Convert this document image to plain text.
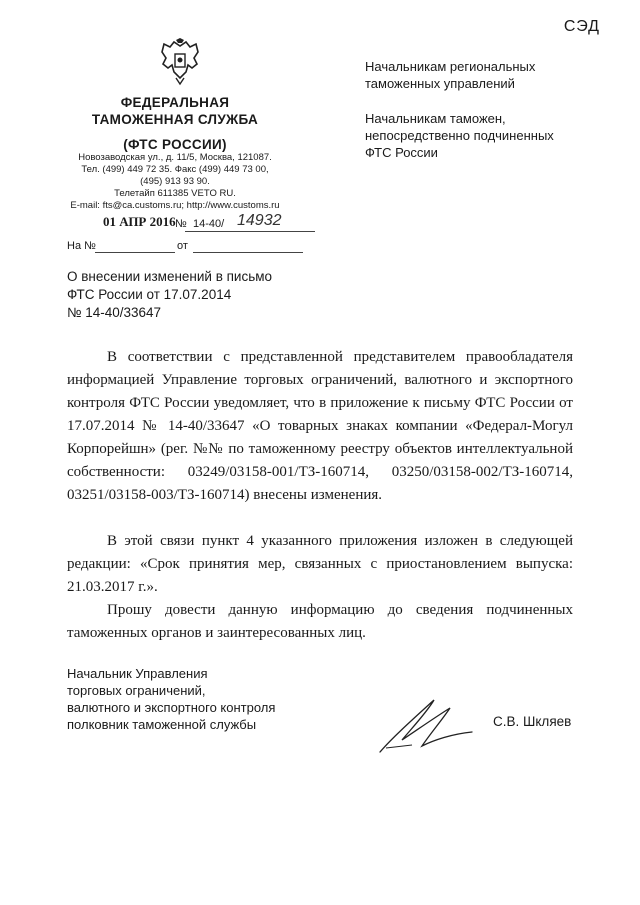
СЭД
ФЕДЕРАЛЬНАЯ
ТАМОЖЕННАЯ СЛУЖБА
(ФТС РОССИИ)
Новозаводская ул., д. 11/5, Москва, 121087.
Тел. (499) 449 72 35. Факс (499) 449 73 00,
(495) 913 93 90.
Телетайп 611385 VETO RU.
E-mail: fts@ca.customs.ru; http://www.customs.ru
01 АПР 2016 № 14-40/ 14932
На №	от
Начальникам региональных
таможенных управлений
Начальникам таможен,
непосредственно подчиненных
ФТС России
О внесении изменений в письмо
ФТС России от 17.07.2014
№ 14-40/33647

В соответствии с представленной представителем правообладателя информацией Управление торговых ограничений, валютного и экспортного контроля ФТС России уведомляет, что в приложение к письму ФТС России от 17.07.2014 № 14-40/33647 «О товарных знаках компании «Федерал-Могул Корпорейшн» (рег. №№ по таможенному реестру объектов интеллектуальной собственности: 03249/03158-001/ТЗ-160714, 03250/03158-002/ТЗ-160714, 03251/03158-003/ТЗ-160714) внесены изменения.

В этой связи пункт 4 указанного приложения изложен в следующей редакции: «Срок принятия мер, связанных с приостановлением выпуска: 21.03.2017 г.».

Прошу довести данную информацию до сведения подчиненных таможенных органов и заинтересованных лиц.

Начальник Управления
торговых ограничений,
валютного и экспортного контроля
полковник таможенной службы	С.В. Шкляев
